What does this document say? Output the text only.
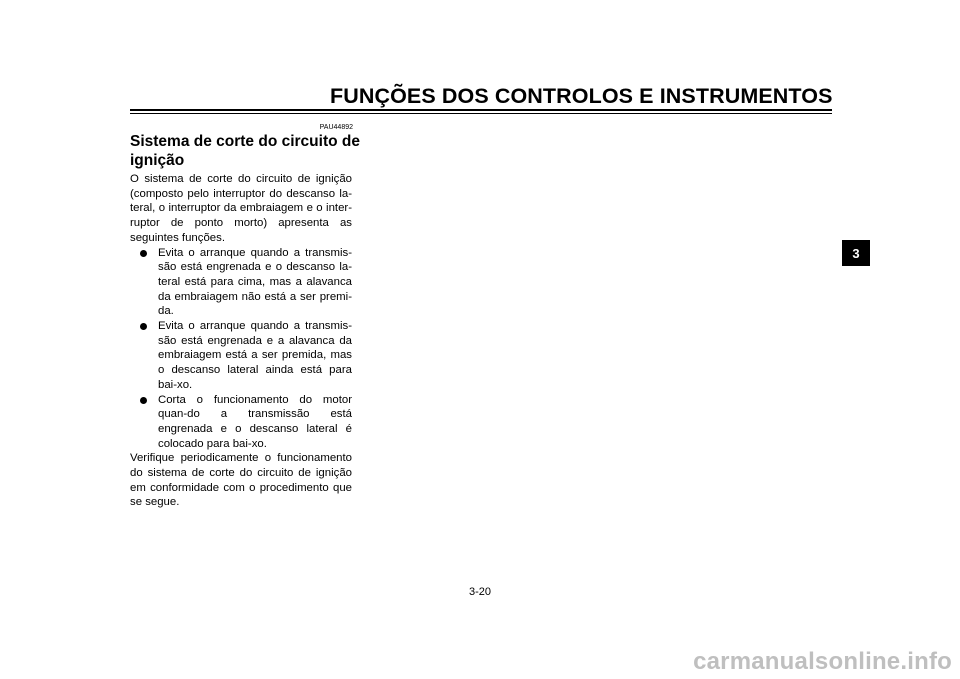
FUNÇÕES DOS CONTROLOS E INSTRUMENTOS

PAU44892

Sistema de corte do circuito de ignição

O sistema de corte do circuito de ignição (composto pelo interruptor do descanso la-teral, o interruptor da embraiagem e o inter-ruptor de ponto morto) apresenta as seguintes funções.

Evita o arranque quando a transmis-são está engrenada e o descanso la-teral está para cima, mas a alavanca da embraiagem não está a ser premi-da.
Evita o arranque quando a transmis-são está engrenada e a alavanca da embraiagem está a ser premida, mas o descanso lateral ainda está para bai-xo.
Corta o funcionamento do motor quan-do a transmissão está engrenada e o descanso lateral é colocado para bai-xo.

Verifique periodicamente o funcionamento do sistema de corte do circuito de ignição em conformidade com o procedimento que se segue.

3

3-20

carmanualsonline.info
